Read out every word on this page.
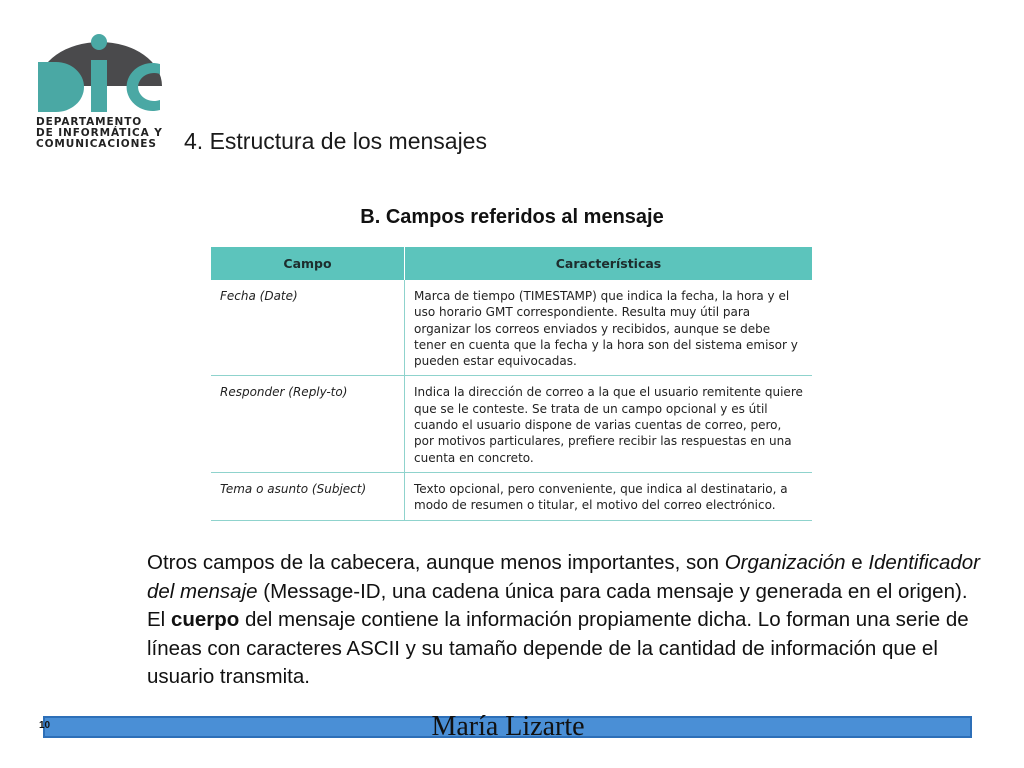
DEPARTAMENTO
DE INFORMÁTICA Y
COMUNICACIONES 4. Estructura de los mensajes
B. Campos referidos al mensaje
Campo	Características
Fecha (Date)	Marca de tiempo (TIMESTAMP) que indica la fecha, la hora y el uso horario GMT correspondiente. Resulta muy útil para organizar los correos enviados y recibidos, aunque se debe tener en cuenta que la fecha y la hora son del sistema emisor y pueden estar equivocadas.
Responder (Reply-to)	Indica la dirección de correo a la que el usuario remitente quiere que se le conteste. Se trata de un campo opcional y es útil cuando el usuario dispone de varias cuentas de correo, pero, por motivos particulares, prefiere recibir las respuestas en una cuenta en concreto.
Tema o asunto (Subject)	Texto opcional, pero conveniente, que indica al destinatario, a modo de resumen o titular, el motivo del correo electrónico.

Otros campos de la cabecera, aunque menos importantes, son Organización e Identificador del mensaje (Message-ID, una cadena única para cada mensaje y generada en el origen).

El cuerpo del mensaje contiene la información propiamente dicha. Lo forman una serie de líneas con caracteres ASCII y su tamaño depende de la cantidad de información que el usuario transmita.

10	María Lizarte
